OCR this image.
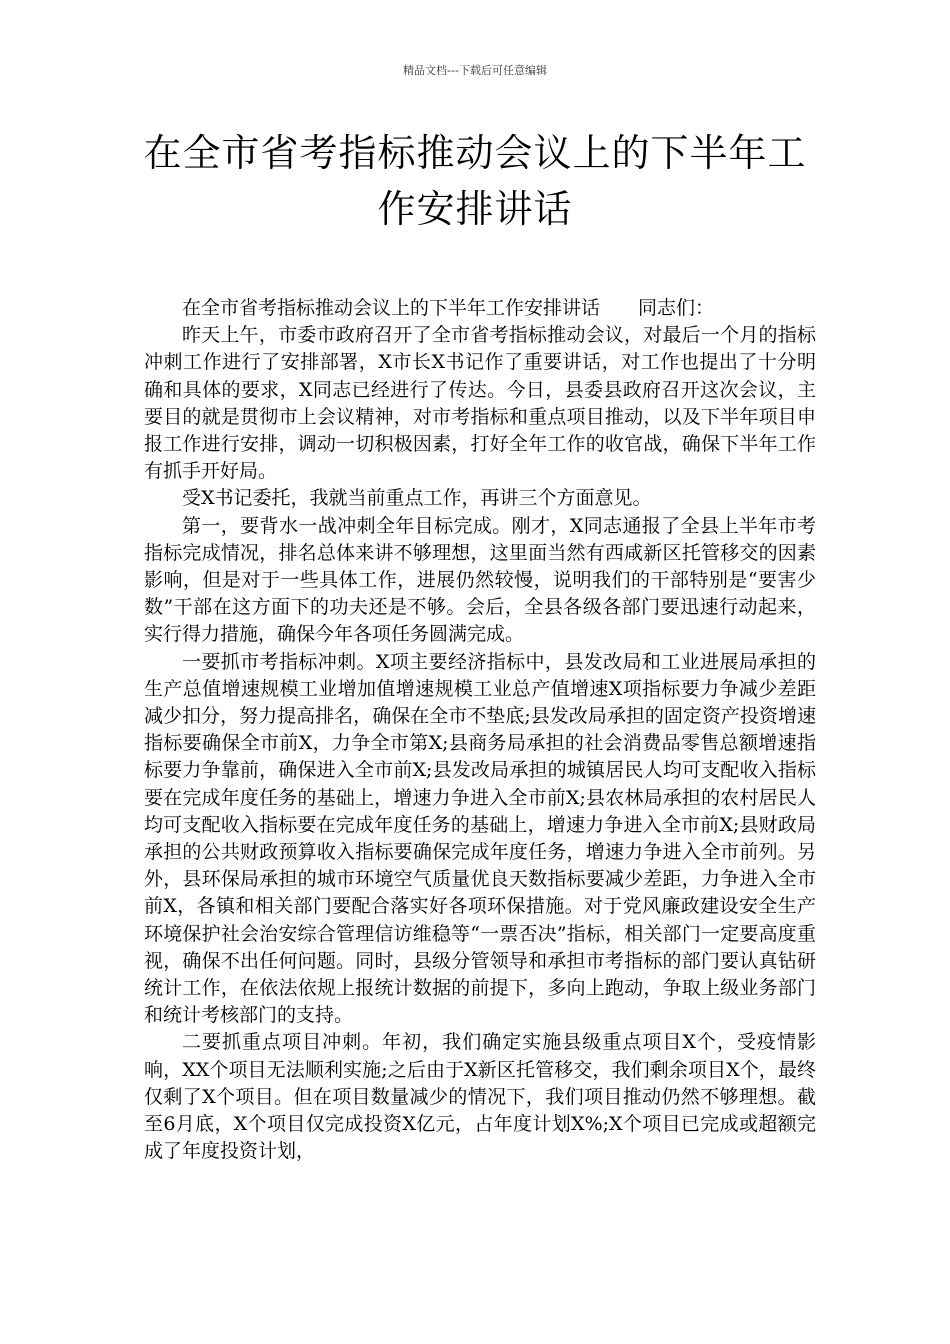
精品文档---下载后可任意编辑
在全市省考指标推动会议上的下半年工
作安排讲话

在全市省考指标推动会议上的下半年工作安排讲话　　同志们：

昨天上午，市委市政府召开了全市省考指标推动会议，对最后一个月的指标冲刺工作进行了安排部署，X市长X书记作了重要讲话，对工作也提出了十分明确和具体的要求，X同志已经进行了传达。今日，县委县政府召开这次会议，主要目的就是贯彻市上会议精神，对市考指标和重点项目推动，以及下半年项目申报工作进行安排，调动一切积极因素，打好全年工作的收官战，确保下半年工作有抓手开好局。

受X书记委托，我就当前重点工作，再讲三个方面意见。

第一，要背水一战冲刺全年目标完成。刚才，X同志通报了全县上半年市考指标完成情况，排名总体来讲不够理想，这里面当然有西咸新区托管移交的因素影响，但是对于一些具体工作，进展仍然较慢，说明我们的干部特别是“要害少数”干部在这方面下的功夫还是不够。会后，全县各级各部门要迅速行动起来，实行得力措施，确保今年各项任务圆满完成。

一要抓市考指标冲刺。X项主要经济指标中，县发改局和工业进展局承担的生产总值增速规模工业增加值增速规模工业总产值增速X项指标要力争减少差距减少扣分，努力提高排名，确保在全市不垫底;县发改局承担的固定资产投资增速指标要确保全市前X，力争全市第X;县商务局承担的社会消费品零售总额增速指标要力争靠前，确保进入全市前X;县发改局承担的城镇居民人均可支配收入指标要在完成年度任务的基础上，增速力争进入全市前X;县农林局承担的农村居民人均可支配收入指标要在完成年度任务的基础上，增速力争进入全市前X;县财政局承担的公共财政预算收入指标要确保完成年度任务，增速力争进入全市前列。另外，县环保局承担的城市环境空气质量优良天数指标要减少差距，力争进入全市前X，各镇和相关部门要配合落实好各项环保措施。对于党风廉政建设安全生产环境保护社会治安综合管理信访维稳等“一票否决”指标，相关部门一定要高度重视，确保不出任何问题。同时，县级分管领导和承担市考指标的部门要认真钻研统计工作，在依法依规上报统计数据的前提下，多向上跑动，争取上级业务部门和统计考核部门的支持。

二要抓重点项目冲刺。年初，我们确定实施县级重点项目X个，受疫情影响，XX个项目无法顺利实施;之后由于X新区托管移交，我们剩余项目X个，最终仅剩了X个项目。但在项目数量减少的情况下，我们项目推动仍然不够理想。截至6月底，X个项目仅完成投资X亿元，占年度计划X%;X个项目已完成或超额完成了年度投资计划，
